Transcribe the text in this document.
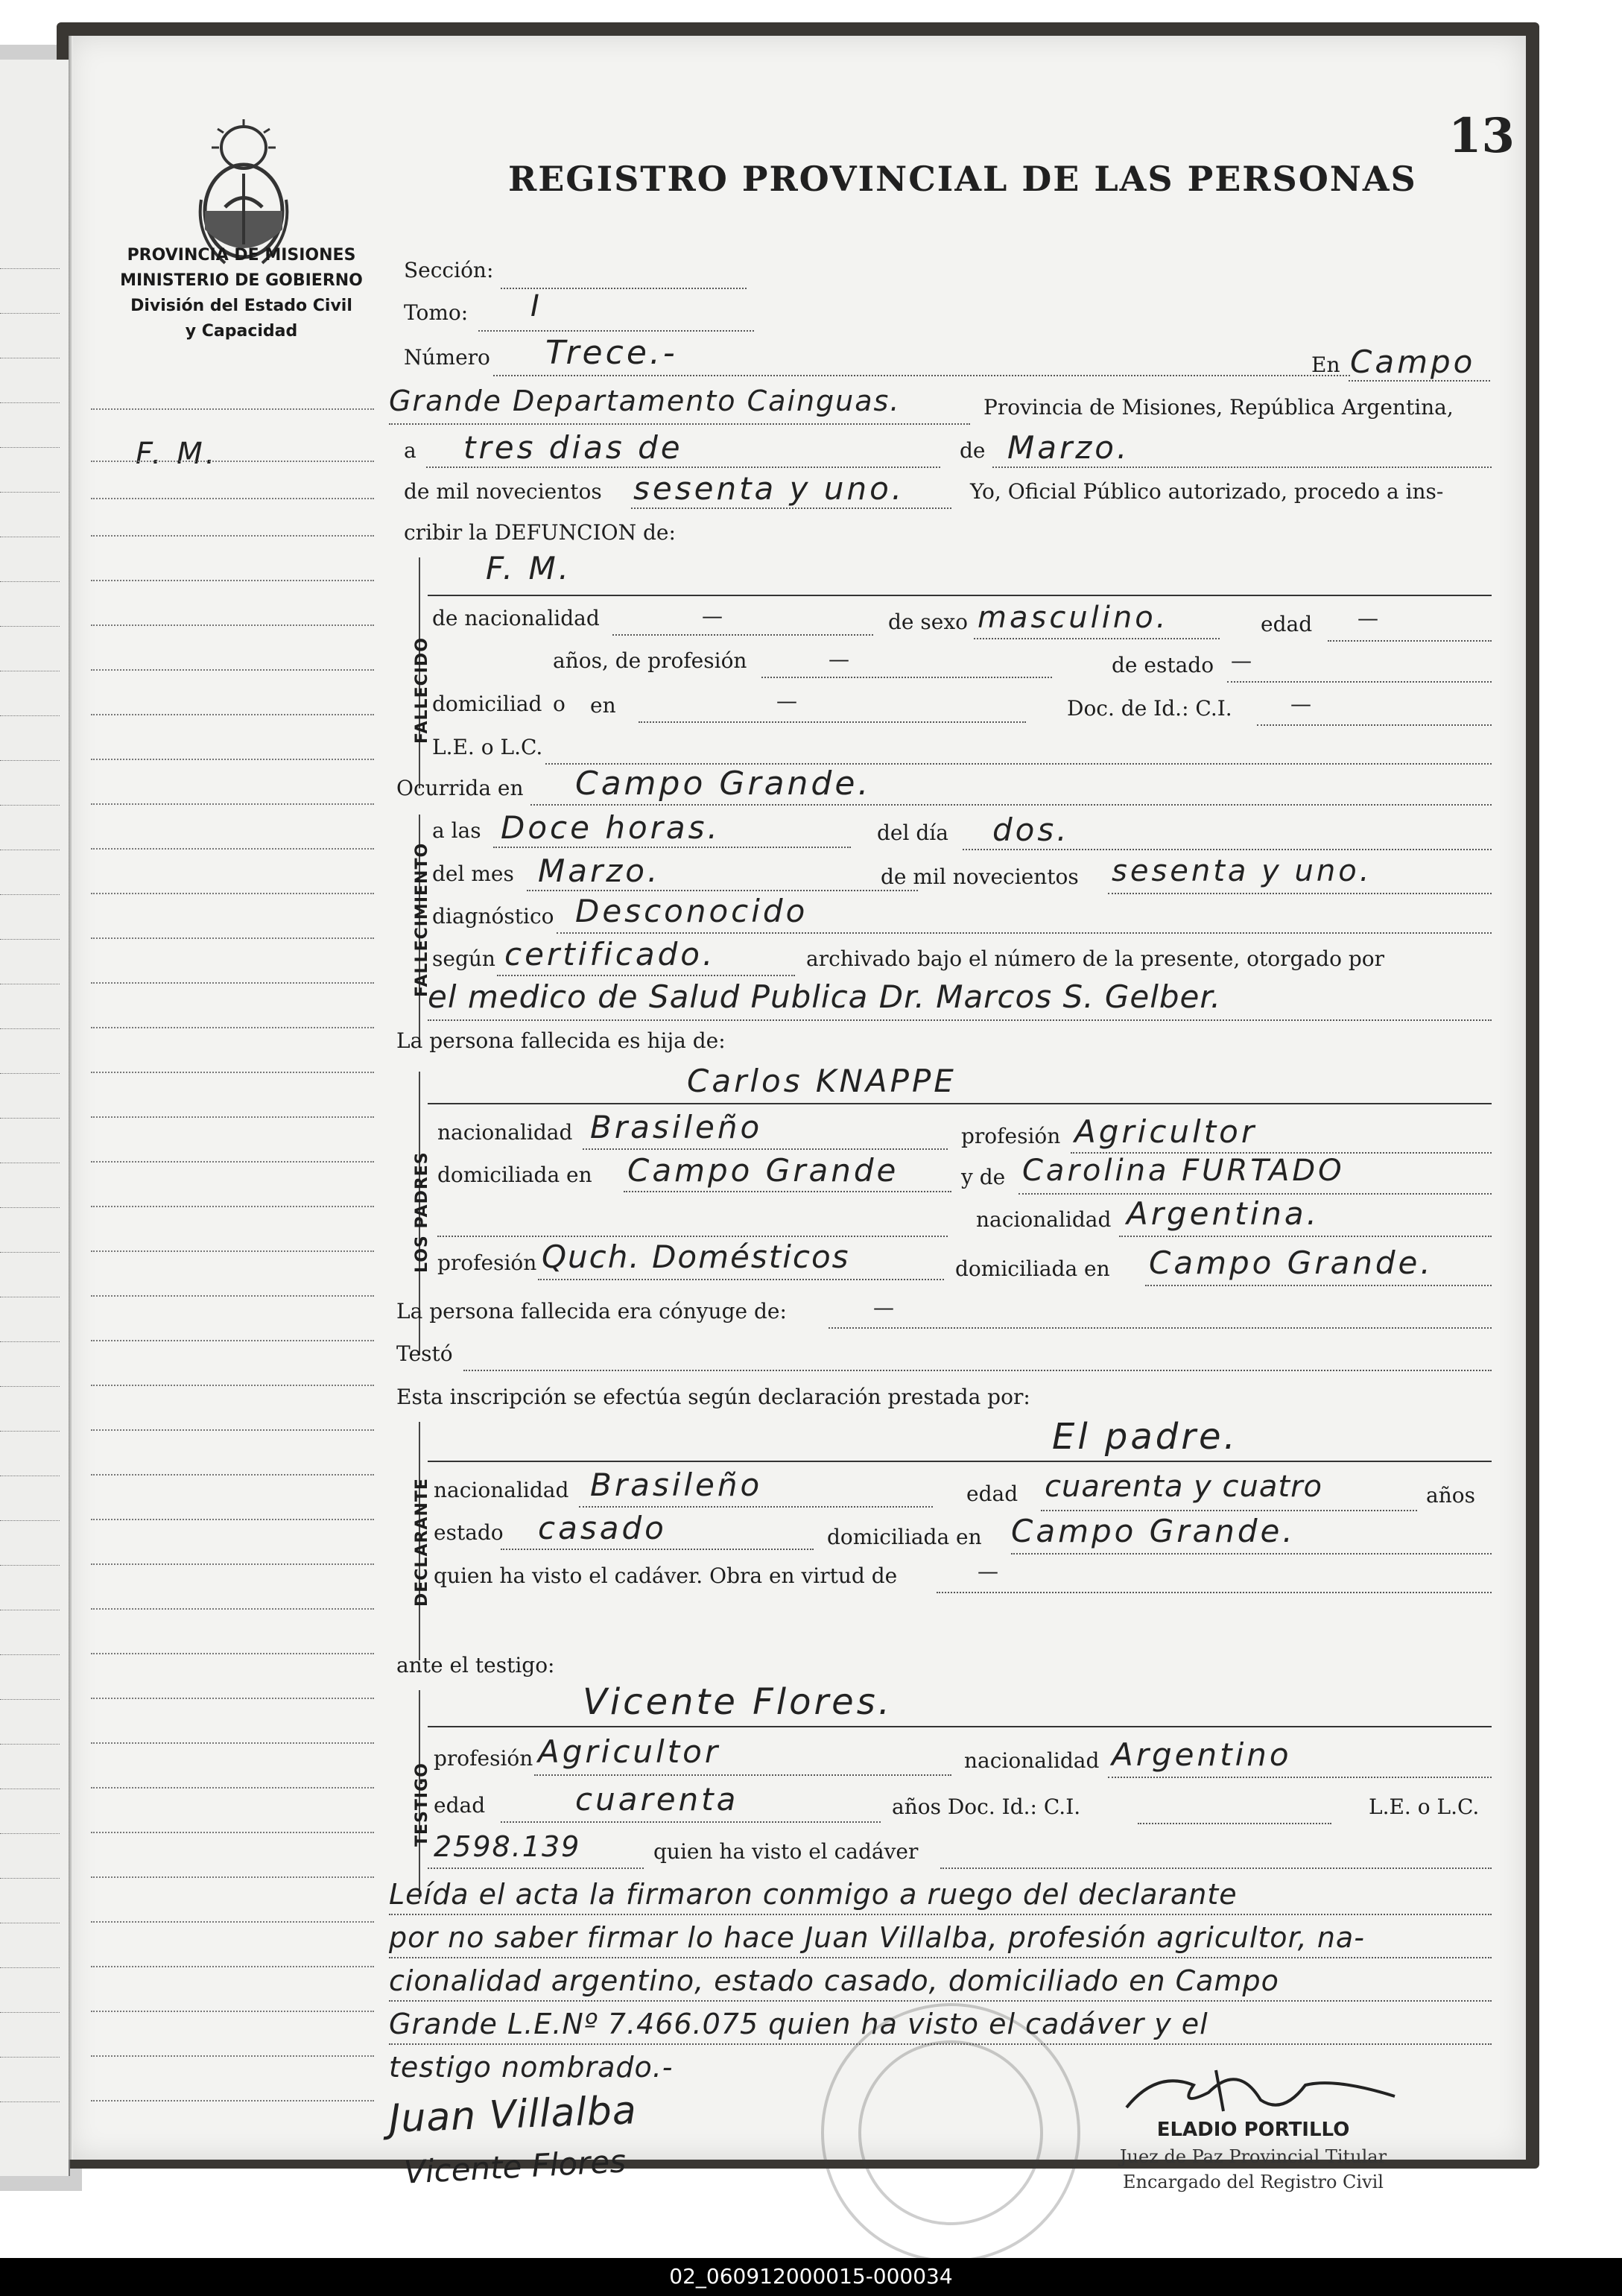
PROVINCIA DE MISIONES
MINISTERIO DE GOBIERNO
División del Estado Civil
y Capacidad
REGISTRO PROVINCIAL DE LAS PERSONAS
13
F. M.
Sección:
Tomo: I
Número Trece.-	En Campo
Grande Departamento Cainguas.	Provincia de Misiones, República Argentina,
a tres dias de	de Marzo.
de mil novecientos sesenta y uno.	Yo, Oficial Público autorizado, procedo a ins-
cribir la DEFUNCION de:
FALLECIDO
F. M.
de nacionalidad	—	de sexo masculino.	edad —
años, de profesión	—	de estado —
domiciliad o en	—	Doc. de Id.: C.I.	—
L.E. o L.C.
Ocurrida en Campo Grande.
FALLECIMIENTO
a las Doce horas.	del día dos.
del mes Marzo.	de mil novecientos sesenta y uno.
diagnóstico Desconocido
según certificado.	archivado bajo el número de la presente, otorgado por
el medico de Salud Publica Dr. Marcos S. Gelber.
La persona fallecida es hija de:
LOS PADRES
Carlos KNAPPE
nacionalidad Brasileño	profesión Agricultor
domiciliada en Campo Grande	y de Carolina FURTADO
nacionalidad Argentina.
profesión Quch. Domésticos	domiciliada en Campo Grande.
La persona fallecida era cónyuge de:	—
Testó
Esta inscripción se efectúa según declaración prestada por:
DECLARANTE
El padre.
nacionalidad Brasileño	edad cuarenta y cuatro	años
estado casado	domiciliada en Campo Grande.
quien ha visto el cadáver. Obra en virtud de	—
ante el testigo:
TESTIGO
Vicente Flores.
profesión Agricultor	nacionalidad Argentino
edad	cuarenta	años Doc. Id.: C.I.	L.E. o L.C.
2598.139	quien ha visto el cadáver
Leída el acta la firmaron conmigo a ruego del declarante
por no saber firmar lo hace Juan Villalba, profesión agricultor, na-
cionalidad argentino, estado casado, domiciliado en Campo
Grande L.E.Nº 7.466.075 quien ha visto el cadáver y el
testigo nombrado.-
Juan Villalba
Vicente Flores
ELADIO PORTILLO
Juez de Paz Provincial Titular
Encargado del Registro Civil
02_060912000015-000034
